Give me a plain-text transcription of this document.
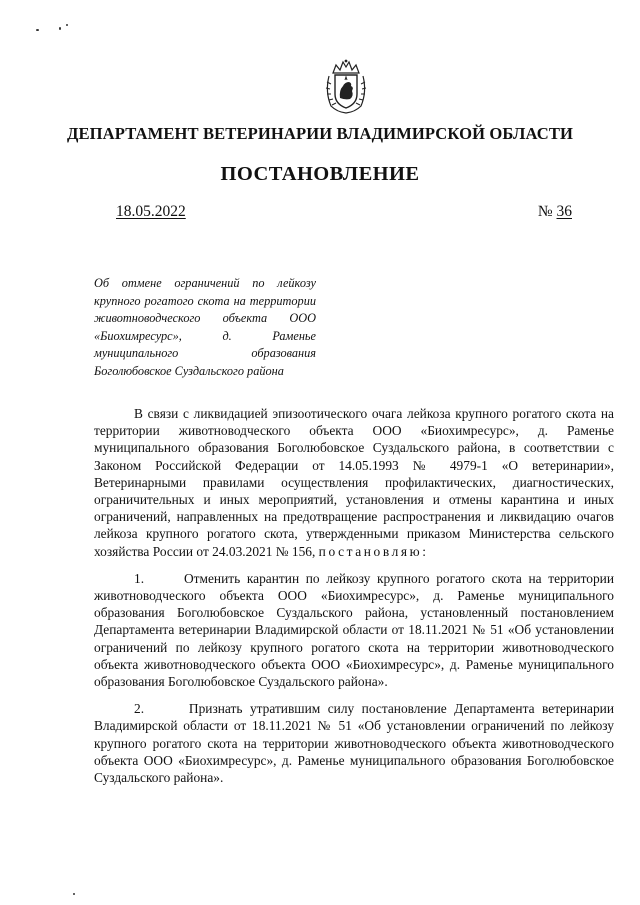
ДЕПАРТАМЕНТ ВЕТЕРИНАРИИ ВЛАДИМИРСКОЙ ОБЛАСТИ
ПОСТАНОВЛЕНИЕ
18.05.2022	№ 36
Об отмене ограничений по лейкозу крупного рогатого скота на территории животноводческого объекта ООО «Биохимресурс», д. Раменье муниципального образования Боголюбовское Суздальского района

В связи с ликвидацией эпизоотического очага лейкоза крупного рогатого скота на территории животноводческого объекта ООО «Биохимресурс», д. Раменье муниципального образования Боголюбовское Суздальского района, в соответствии с Законом Российской Федерации от 14.05.1993 № 4979-1 «О ветеринарии», Ветеринарными правилами осуществления профилактических, диагностических, ограничительных и иных мероприятий, установления и отмены карантина и иных ограничений, направленных на предотвращение распространения и ликвидацию очагов лейкоза крупного рогатого скота, утвержденными приказом Министерства сельского хозяйства России от 24.03.2021 № 156, постановляю:

1.	Отменить карантин по лейкозу крупного рогатого скота на территории животноводческого объекта ООО «Биохимресурс», д. Раменье муниципального образования Боголюбовское Суздальского района, установленный постановлением Департамента ветеринарии Владимирской области от 18.11.2021 № 51 «Об установлении ограничений по лейкозу крупного рогатого скота на территории животноводческого объекта животноводческого объекта ООО «Биохимресурс», д. Раменье муниципального образования Боголюбовское Суздальского района».

2.	Признать утратившим силу постановление Департамента ветеринарии Владимирской области от 18.11.2021 № 51 «Об установлении ограничений по лейкозу крупного рогатого скота на территории животноводческого объекта животноводческого объекта ООО «Биохимресурс», д. Раменье муниципального образования Боголюбовское Суздальского района».
